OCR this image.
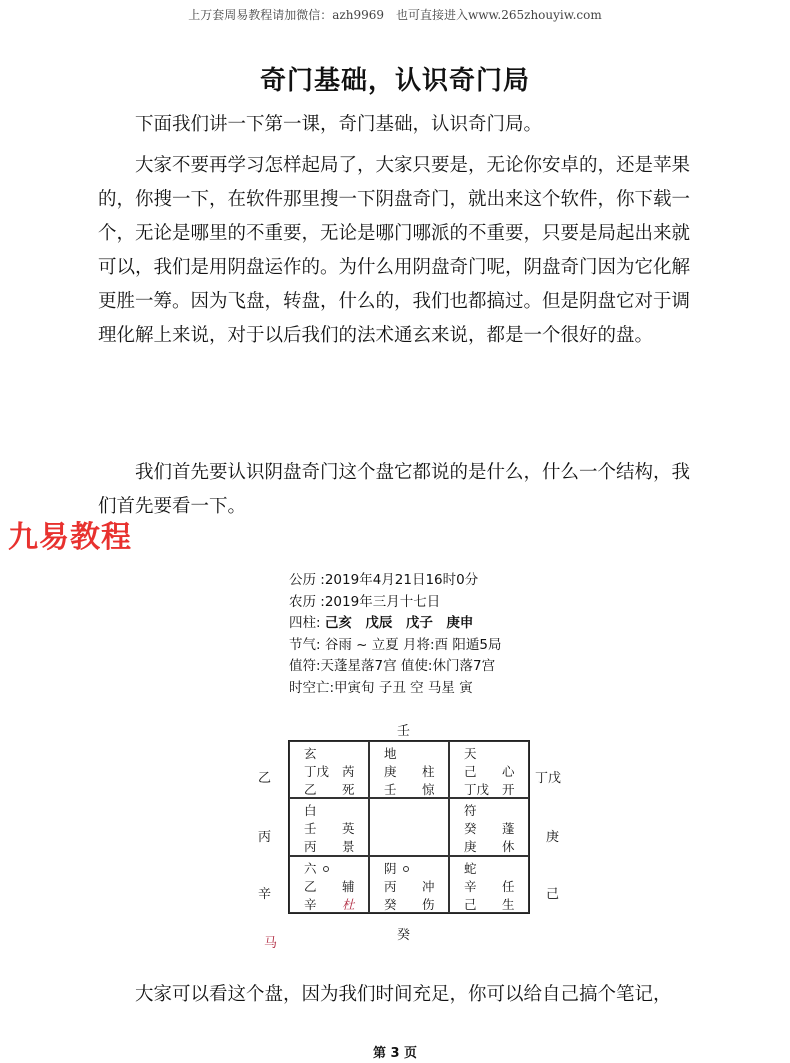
上万套周易教程请加微信：azh9969　也可直接进入www.265zhouyiw.com
奇门基础，认识奇门局

下面我们讲一下第一课，奇门基础，认识奇门局。

大家不要再学习怎样起局了，大家只要是，无论你安卓的，还是苹果的，你搜一下，在软件那里搜一下阴盘奇门，就出来这个软件，你下载一个，无论是哪里的不重要，无论是哪门哪派的不重要，只要是局起出来就可以，我们是用阴盘运作的。为什么用阴盘奇门呢，阴盘奇门因为它化解更胜一筹。因为飞盘，转盘，什么的，我们也都搞过。但是阴盘它对于调理化解上来说，对于以后我们的法术通玄来说，都是一个很好的盘。

我们首先要认识阴盘奇门这个盘它都说的是什么，什么一个结构，我们首先要看一下。

九易教程
公历 :2019年4月21日16时0分
农历 :2019年三月十七日
四柱: 己亥　戊辰　戊子　庚申
节气: 谷雨 ~ 立夏 月将:酉 阳遁5局
值符:天蓬星落7宫 值使:休门落7宫
时空亡:甲寅旬 子丑 空 马星 寅
壬
癸
乙
丙
辛
丁戊
庚
己
马
玄
丁戊 芮
乙 死
地
庚 柱
壬 惊
天
己 心
丁戊 开
白
壬 英
丙 景
符
癸 蓬
庚 休
六
乙 辅
辛 杜
阴
丙 冲
癸 伤
蛇
辛 任
己 生

大家可以看这个盘，因为我们时间充足，你可以给自己搞个笔记，

第 3 页
